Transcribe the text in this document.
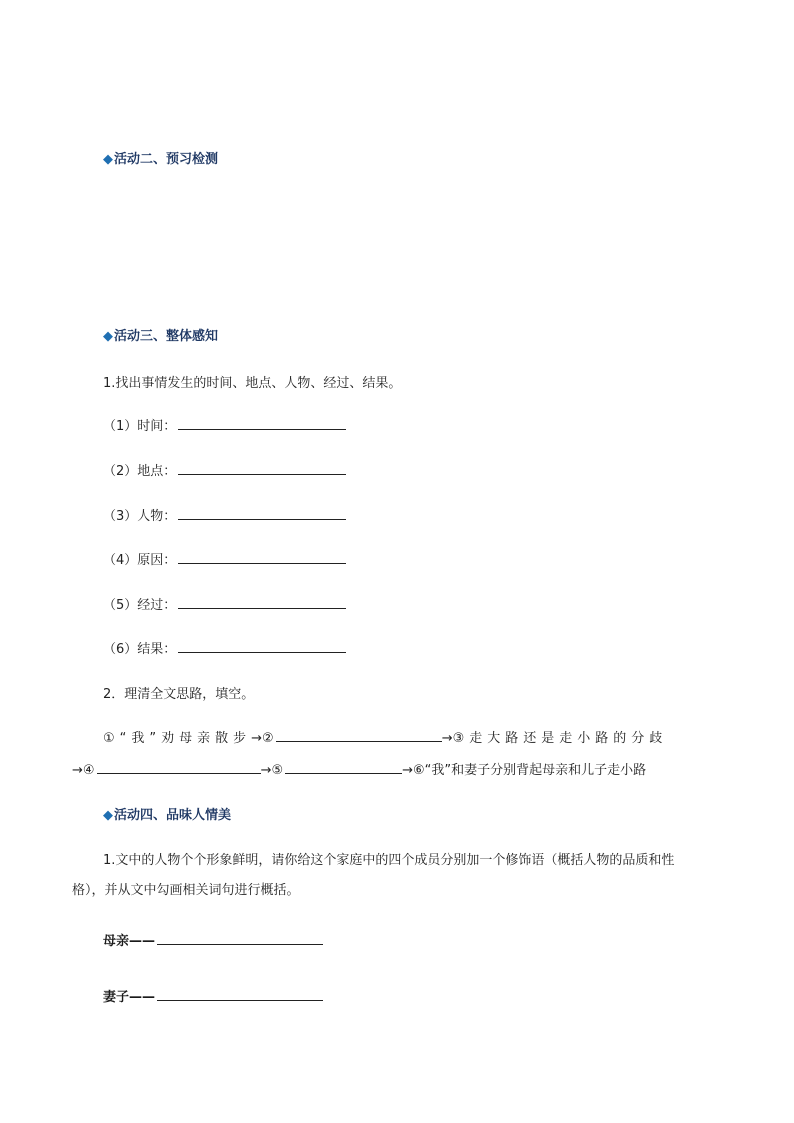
◆活动二、预习检测
◆活动三、整体感知
1.找出事情发生的时间、地点、人物、经过、结果。
（1）时间：
（2）地点：
（3）人物：
（4）原因：
（5）经过：
（6）结果：
2．理清全文思路，填空。
①“我”劝母亲散步 → ②	→ ③走大路还是走小路的分歧
→ ④	→ ⑤	→ ⑥“我”和妻子分别背起母亲和儿子走小路
◆活动四、品味人情美
1.文中的人物个个形象鲜明，请你给这个家庭中的四个成员分别加一个修饰语（概括人物的品质和性
格），并从文中勾画相关词句进行概括。
母亲——
妻子——
